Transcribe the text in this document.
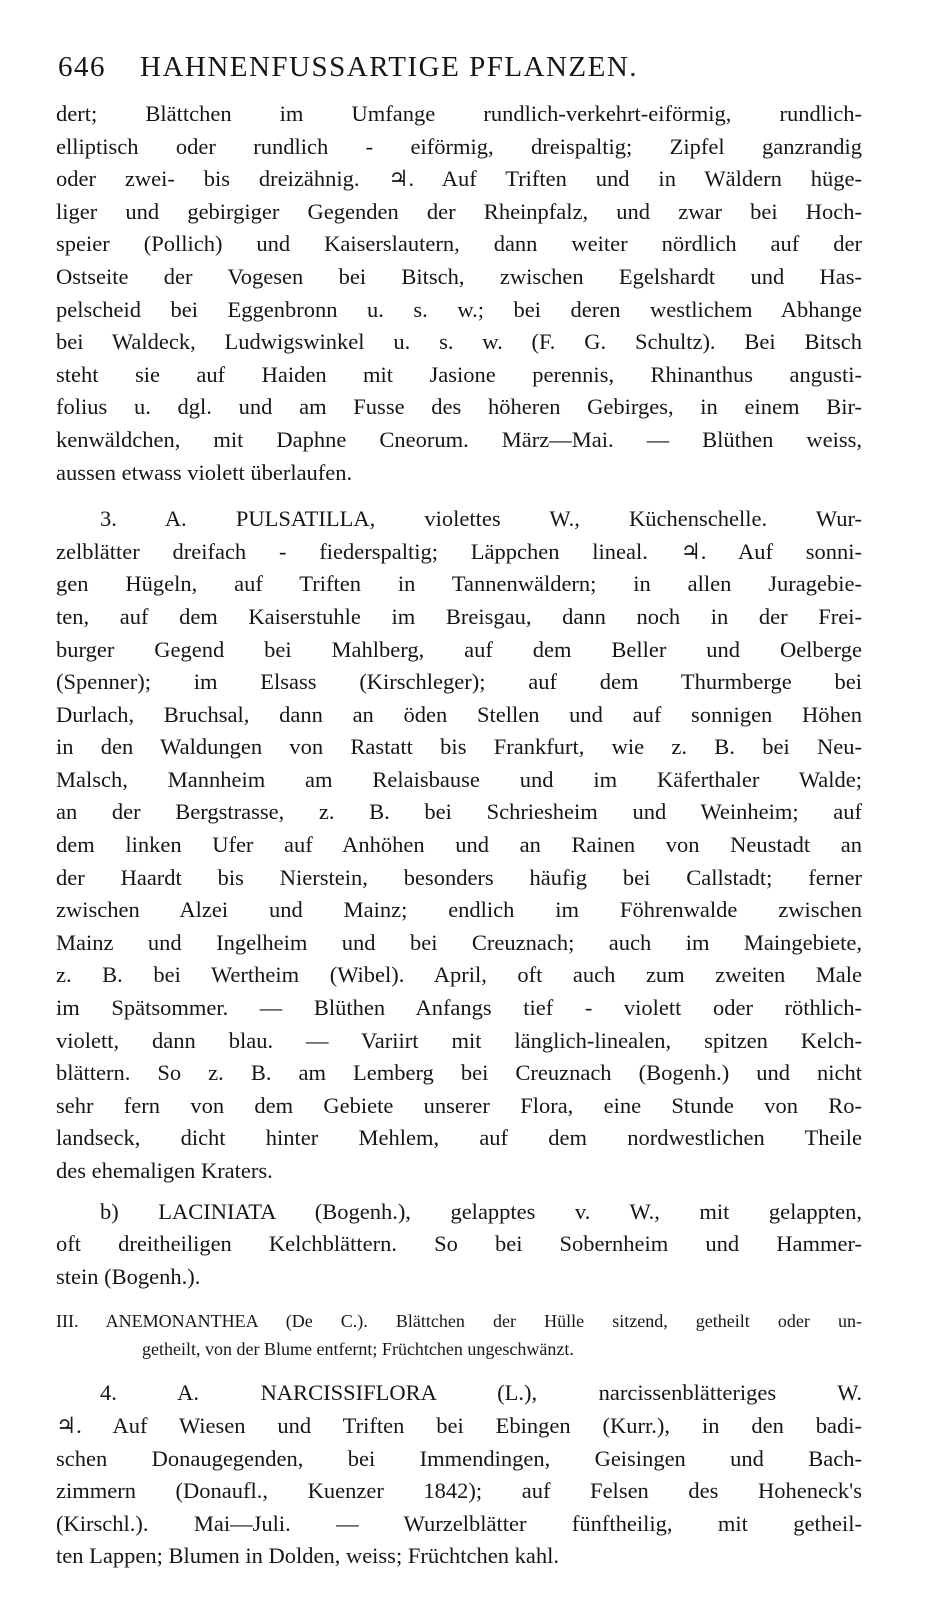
646 HAHNENFUSSARTIGE PFLANZEN.
dert; Blättchen im Umfange rundlich-verkehrt-eiförmig, rundlich-
elliptisch oder rundlich - eiförmig, dreispaltig; Zipfel ganzrandig
oder zwei- bis dreizähnig. ♃. Auf Triften und in Wäldern hüge-
liger und gebirgiger Gegenden der Rheinpfalz, und zwar bei Hoch-
speier (Pollich) und Kaiserslautern, dann weiter nördlich auf der
Ostseite der Vogesen bei Bitsch, zwischen Egelshardt und Has-
pelscheid bei Eggenbronn u. s. w.; bei deren westlichem Abhange
bei Waldeck, Ludwigswinkel u. s. w. (F. G. Schultz). Bei Bitsch
steht sie auf Haiden mit Jasione perennis, Rhinanthus angusti-
folius u. dgl. und am Fusse des höheren Gebirges, in einem Bir-
kenwäldchen, mit Daphne Cneorum. März—Mai. — Blüthen weiss,
aussen etwass violett überlaufen.
3. A. PULSATILLA, violettes W., Küchenschelle. Wur-
zelblätter dreifach - fiederspaltig; Läppchen lineal. ♃. Auf sonni-
gen Hügeln, auf Triften in Tannenwäldern; in allen Juragebie-
ten, auf dem Kaiserstuhle im Breisgau, dann noch in der Frei-
burger Gegend bei Mahlberg, auf dem Beller und Oelberge
(Spenner); im Elsass (Kirschleger); auf dem Thurmberge bei
Durlach, Bruchsal, dann an öden Stellen und auf sonnigen Höhen
in den Waldungen von Rastatt bis Frankfurt, wie z. B. bei Neu-
Malsch, Mannheim am Relaisbause und im Käferthaler Walde;
an der Bergstrasse, z. B. bei Schriesheim und Weinheim; auf
dem linken Ufer auf Anhöhen und an Rainen von Neustadt an
der Haardt bis Nierstein, besonders häufig bei Callstadt; ferner
zwischen Alzei und Mainz; endlich im Föhrenwalde zwischen
Mainz und Ingelheim und bei Creuznach; auch im Maingebiete,
z. B. bei Wertheim (Wibel). April, oft auch zum zweiten Male
im Spätsommer. — Blüthen Anfangs tief - violett oder röthlich-
violett, dann blau. — Variirt mit länglich-linealen, spitzen Kelch-
blättern. So z. B. am Lemberg bei Creuznach (Bogenh.) und nicht
sehr fern von dem Gebiete unserer Flora, eine Stunde von Ro-
landseck, dicht hinter Mehlem, auf dem nordwestlichen Theile
des ehemaligen Kraters.
b) LACINIATA (Bogenh.), gelapptes v. W., mit gelappten,
oft dreitheiligen Kelchblättern. So bei Sobernheim und Hammer-
stein (Bogenh.).
III. ANEMONANTHEA (De C.). Blättchen der Hülle sitzend, getheilt oder un-
getheilt, von der Blume entfernt; Früchtchen ungeschwänzt.
4. A. NARCISSIFLORA (L.), narcissenblätteriges W.
♃. Auf Wiesen und Triften bei Ebingen (Kurr.), in den badi-
schen Donaugegenden, bei Immendingen, Geisingen und Bach-
zimmern (Donaufl., Kuenzer 1842); auf Felsen des Hoheneck's
(Kirschl.). Mai—Juli. — Wurzelblätter fünftheilig, mit getheil-
ten Lappen; Blumen in Dolden, weiss; Früchtchen kahl.
